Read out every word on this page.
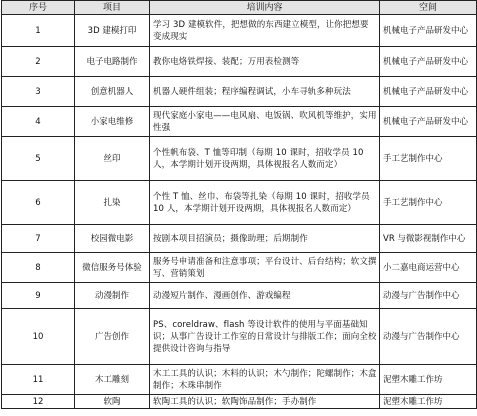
序号	项目	培训内容	空间
1	3D 建模打印	学习 3D 建模软件，把想做的东西建立模型，让你把想要变成现实	机械电子产品研发中心
2	电子电路制作	教你电烙铁焊接、装配；万用表检测等	机械电子产品研发中心
3	创意机器人	机器人硬件组装；程序编程调试，小车寻轨多种玩法	机械电子产品研发中心
4	小家电维修	现代家庭小家电——电风扇、电饭锅、吹风机等维护，实用性强	机械电子产品研发中心
5	丝印	个性帆布袋、T 恤等印制（每期 10 课时，招收学员 10 人，本学期计划开设两期，具体视报名人数而定）	手工艺制作中心
6	扎染	个性 T 恤、丝巾、布袋等扎染（每期 10 课时，招收学员 10 人，本学期计划开设两期，具体视报名人数而定）	手工艺制作中心
7	校园微电影	按剧本项目招演员；摄像助理；后期制作	VR 与微影视制作中心
8	微信服务号体验	服务号申请准备和注意事项；平台设计、后台结构；软文撰写、营销策划	小二嘉电商运营中心
9	动漫制作	动漫短片制作、漫画创作、游戏编程	动漫与广告制作中心
10	广告创作	PS、coreldraw、flash 等设计软件的使用与平面基础知识；从事广告设计工作室的日常设计与排版工作；面向全校提供设计咨询与指导	动漫与广告制作中心
11	木工雕刻	木工工具的认识；木料的认识；木勺制作；陀螺制作；木盒制作；木珠串制作	泥塑木雕工作坊
12	软陶	软陶工具的认识；软陶饰品制作；手办制作	泥塑木雕工作坊
